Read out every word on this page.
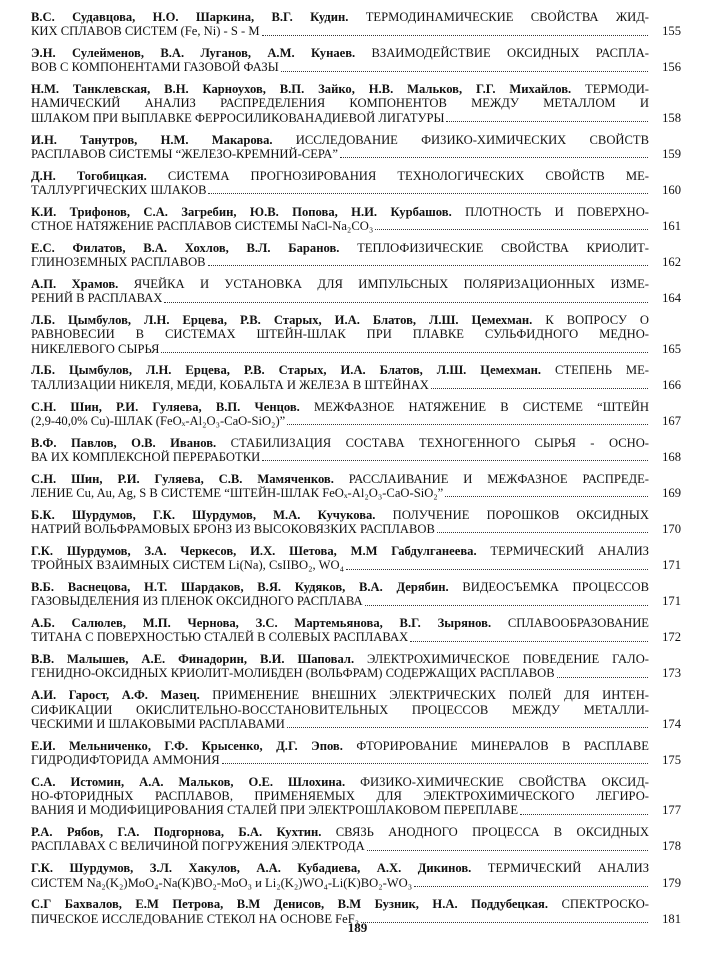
В.С. Судавцова, Н.О. Шаркина, В.Г. Кудин. ТЕРМОДИНАМИЧЕСКИЕ СВОЙСТВА ЖИД-
КИХ СПЛАВОВ СИСТЕМ (Fe, Ni) - S - M	155
Э.Н. Сулейменов, В.А. Луганов, А.М. Кунаев. ВЗАИМОДЕЙСТВИЕ ОКСИДНЫХ РАСПЛА-
ВОВ С КОМПОНЕНТАМИ ГАЗОВОЙ ФАЗЫ	156
Н.М. Танклевская, В.Н. Карноухов, В.П. Зайко, Н.В. Мальков, Г.Г. Михайлов. ТЕРМОДИ-
НАМИЧЕСКИЙ АНАЛИЗ РАСПРЕДЕЛЕНИЯ КОМПОНЕНТОВ МЕЖДУ МЕТАЛЛОМ И
ШЛАКОМ ПРИ ВЫПЛАВКЕ ФЕРРОСИЛИКОВАНАДИЕВОЙ ЛИГАТУРЫ	158
И.Н. Танутров, Н.М. Макарова. ИССЛЕДОВАНИЕ ФИЗИКО-ХИМИЧЕСКИХ СВОЙСТВ
РАСПЛАВОВ СИСТЕМЫ “ЖЕЛЕЗО-КРЕМНИЙ-СЕРА”	159
Д.Н. Тогобицкая. СИСТЕМА ПРОГНОЗИРОВАНИЯ ТЕХНОЛОГИЧЕСКИХ СВОЙСТВ МЕ-
ТАЛЛУРГИЧЕСКИХ ШЛАКОВ	160
К.И. Трифонов, С.А. Загребин, Ю.В. Попова, Н.И. Курбашов. ПЛОТНОСТЬ И ПОВЕРХНО-
СТНОЕ НАТЯЖЕНИЕ РАСПЛАВОВ СИСТЕМЫ NaCl-Na₂CO₃	161
Е.С. Филатов, В.А. Хохлов, В.Л. Баранов. ТЕПЛОФИЗИЧЕСКИЕ СВОЙСТВА КРИОЛИТ-
ГЛИНОЗЕМНЫХ РАСПЛАВОВ	162
А.П. Храмов. ЯЧЕЙКА И УСТАНОВКА ДЛЯ ИМПУЛЬСНЫХ ПОЛЯРИЗАЦИОННЫХ ИЗМЕ-
РЕНИЙ В РАСПЛАВАХ	164
Л.Б. Цымбулов, Л.Н. Ерцева, Р.В. Старых, И.А. Блатов, Л.Ш. Цемехман. К ВОПРОСУ О
РАВНОВЕСИИ В СИСТЕМАХ ШТЕЙН-ШЛАК ПРИ ПЛАВКЕ СУЛЬФИДНОГО МЕДНО-
НИКЕЛЕВОГО СЫРЬЯ	165
Л.Б. Цымбулов, Л.Н. Ерцева, Р.В. Старых, И.А. Блатов, Л.Ш. Цемехман. СТЕПЕНЬ МЕ-
ТАЛЛИЗАЦИИ НИКЕЛЯ, МЕДИ, КОБАЛЬТА И ЖЕЛЕЗА В ШТЕЙНАХ	166
С.Н. Шин, Р.И. Гуляева, В.П. Ченцов. МЕЖФАЗНОЕ НАТЯЖЕНИЕ В СИСТЕМЕ “ШТЕЙН
(2,9-40,0% Cu)-ШЛАК (FeOₓ-Al₂O₃-CaO-SiO₂)”	167
В.Ф. Павлов, О.В. Иванов. СТАБИЛИЗАЦИЯ СОСТАВА ТЕХНОГЕННОГО СЫРЬЯ - ОСНО-
ВА ИХ КОМПЛЕКСНОЙ ПЕРЕРАБОТКИ	168
С.Н. Шин, Р.И. Гуляева, С.В. Мамяченков. РАССЛАИВАНИЕ И МЕЖФАЗНОЕ РАСПРЕДЕ-
ЛЕНИЕ Cu, Au, Ag, S В СИСТЕМЕ “ШТЕЙН-ШЛАК FeOₓ-Al₂O₃-CaO-SiO₂”	169
Б.К. Шурдумов, Г.К. Шурдумов, М.А. Кучукова. ПОЛУЧЕНИЕ ПОРОШКОВ ОКСИДНЫХ
НАТРИЙ ВОЛЬФРАМОВЫХ БРОНЗ ИЗ ВЫСОКОВЯЗКИХ РАСПЛАВОВ	170
Г.К. Шурдумов, З.А. Черкесов, И.Х. Шетова, М.М Габдулганеева. ТЕРМИЧЕСКИЙ АНАЛИЗ
ТРОЙНЫХ ВЗАИМНЫХ СИСТЕМ Li(Na), CsIIBO₂, WO₄	171
В.Б. Васнецова, Н.Т. Шардаков, В.Я. Кудяков, В.А. Дерябин. ВИДЕОСЪЕМКА ПРОЦЕССОВ
ГАЗОВЫДЕЛЕНИЯ ИЗ ПЛЕНОК ОКСИДНОГО РАСПЛАВА	171
А.Б. Салюлев, М.П. Чернова, З.С. Мартемьянова, В.Г. Зырянов. СПЛАВООБРАЗОВАНИЕ
ТИТАНА С ПОВЕРХНОСТЬЮ СТАЛЕЙ В СОЛЕВЫХ РАСПЛАВАХ	172
В.В. Малышев, А.Е. Финадорин, В.И. Шаповал. ЭЛЕКТРОХИМИЧЕСКОЕ ПОВЕДЕНИЕ ГАЛО-
ГЕНИДНО-ОКСИДНЫХ КРИОЛИТ-МОЛИБДЕН (ВОЛЬФРАМ) СОДЕРЖАЩИХ РАСПЛАВОВ	173
А.И. Гарост, А.Ф. Мазец. ПРИМЕНЕНИЕ ВНЕШНИХ ЭЛЕКТРИЧЕСКИХ ПОЛЕЙ ДЛЯ ИНТЕН-
СИФИКАЦИИ ОКИСЛИТЕЛЬНО-ВОССТАНОВИТЕЛЬНЫХ ПРОЦЕССОВ МЕЖДУ МЕТАЛЛИ-
ЧЕСКИМИ И ШЛАКОВЫМИ РАСПЛАВАМИ	174
Е.И. Мельниченко, Г.Ф. Крысенко, Д.Г. Эпов. ФТОРИРОВАНИЕ МИНЕРАЛОВ В РАСПЛАВЕ
ГИДРОДИФТОРИДА АММОНИЯ	175
С.А. Истомин, А.А. Мальков, О.Е. Шлохина. ФИЗИКО-ХИМИЧЕСКИЕ СВОЙСТВА ОКСИД-
НО-ФТОРИДНЫХ РАСПЛАВОВ, ПРИМЕНЯЕМЫХ ДЛЯ ЭЛЕКТРОХИМИЧЕСКОГО ЛЕГИРО-
ВАНИЯ И МОДИФИЦИРОВАНИЯ СТАЛЕЙ ПРИ ЭЛЕКТРОШЛАКОВОМ ПЕРЕПЛАВЕ	177
Р.А. Рябов, Г.А. Подгорнова, Б.А. Кухтин. СВЯЗЬ АНОДНОГО ПРОЦЕССА В ОКСИДНЫХ
РАСПЛАВАХ С ВЕЛИЧИНОЙ ПОГРУЖЕНИЯ ЭЛЕКТРОДА	178
Г.К. Шурдумов, З.Л. Хакулов, А.А. Кубадиева, А.Х. Дикинов. ТЕРМИЧЕСКИЙ АНАЛИЗ
СИСТЕМ Na₂(K₂)MoO₄-Na(K)BO₂-MoO₃ и Li₂(K₂)WO₄-Li(K)BO₂-WO₃	179
С.Г Бахвалов, Е.М Петрова, В.М Денисов, В.М Бузник, Н.А. Поддубецкая. СПЕКТРОСКО-
ПИЧЕСКОЕ ИССЛЕДОВАНИЕ СТЕКОЛ НА ОСНОВЕ FeF₃	181
189
